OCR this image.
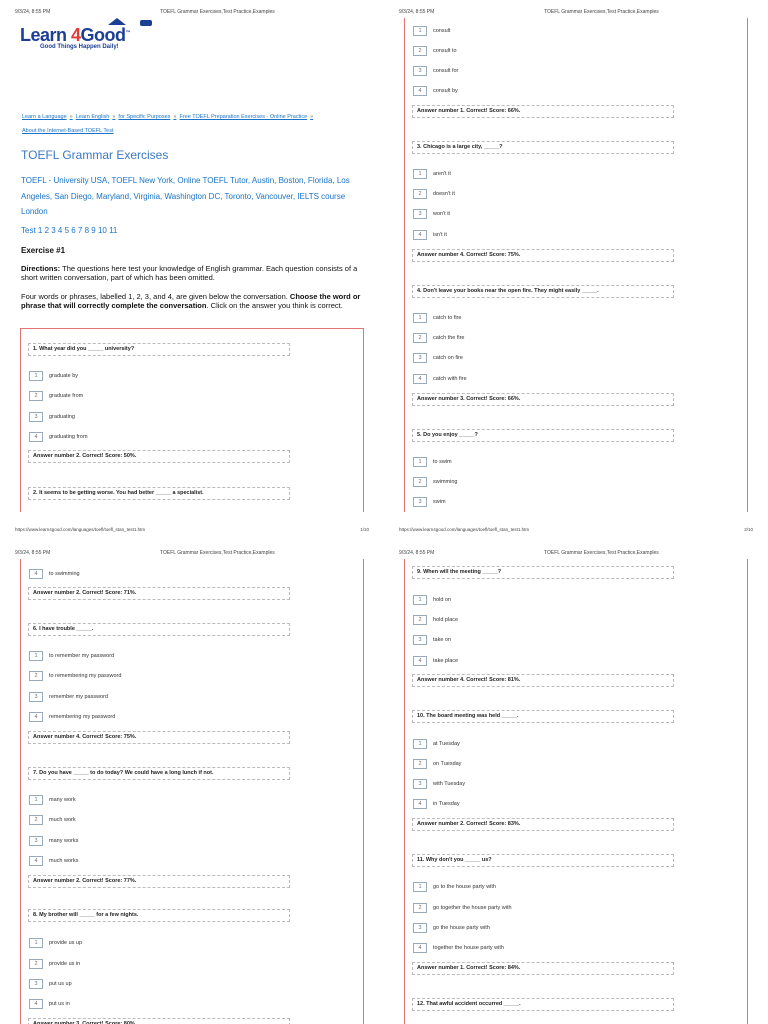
9/3/24, 8:55 PM	TOEFL Grammar Exercises,Test Practice,Examples
Learn 4Good™
Good Things Happen Daily!
Learn a Language » Learn English » for Specific Purposes » Free TOEFL Preparation Exercises - Online Practice »
About the Internet-Based TOEFL Test
TOEFL Grammar Exercises
TOEFL - University USA, TOEFL New York, Online TOEFL Tutor, Austin, Boston, Florida, Los Angeles, San Diego, Maryland, Virginia, Washington DC, Toronto, Vancouver, IELTS course London
Test 1 2 3 4 5 6 7 8 9 10 11
Exercise #1
Directions: The questions here test your knowledge of English grammar. Each question consists of a short written conversation, part of which has been omitted.
Four words or phrases, labelled 1, 2, 3, and 4, are given below the conversation. Choose the word or phrase that will correctly complete the conversation. Click on the answer you think is correct.
1. What year did you _____ university?
1 graduate by
2 graduate from
3 graduating
4 graduating from
Answer number 2. Correct! Score: 50%.
2. It seems to be getting worse. You had better _____ a specialist.
9/3/24, 8:55 PM	TOEFL Grammar Exercises,Test Practice,Examples
1 consult
2 consult to
3 consult for
4 consult by
Answer number 1. Correct! Score: 66%.
3. Chicago is a large city, _____?
1 aren't it
2 doesn't it
3 won't it
4 isn't it
Answer number 4. Correct! Score: 75%.
4. Don't leave your books near the open fire. They might easily _____.
1 catch to fire
2 catch the fire
3 catch on fire
4 catch with fire
Answer number 3. Correct! Score: 66%.
5. Do you enjoy _____?
1 to swim
2 swimming
3 swim
https://www.learn4good.com/languages/toefl/toefl_stan_test1.htm	1/10	https://www.learn4good.com/languages/toefl/toefl_stan_test1.htm	2/10
9/3/24, 8:55 PM	TOEFL Grammar Exercises,Test Practice,Examples
4 to swimming
Answer number 2. Correct! Score: 71%.
6. I have trouble _____.
1 to remember my password
2 to remembering my password
3 remember my password
4 remembering my password
Answer number 4. Correct! Score: 75%.
7. Do you have _____ to do today? We could have a long lunch if not.
1 many work
2 much work
3 many works
4 much works
Answer number 2. Correct! Score: 77%.
8. My brother will _____ for a few nights.
1 provide us up
2 provide us in
3 put us up
4 put us in
Answer number 3. Correct! Score: 80%.
9/3/24, 8:55 PM	TOEFL Grammar Exercises,Test Practice,Examples
9. When will the meeting _____?
1 hold on
2 hold place
3 take on
4 take place
Answer number 4. Correct! Score: 81%.
10. The board meeting was held _____.
1 at Tuesday
2 on Tuesday
3 with Tuesday
4 in Tuesday
Answer number 2. Correct! Score: 83%.
11. Why don't you _____ us?
1 go to the house party with
2 go together the house party with
3 go the house party with
4 together the house party with
Answer number 1. Correct! Score: 84%.
12. That awful accident occurred _____.
